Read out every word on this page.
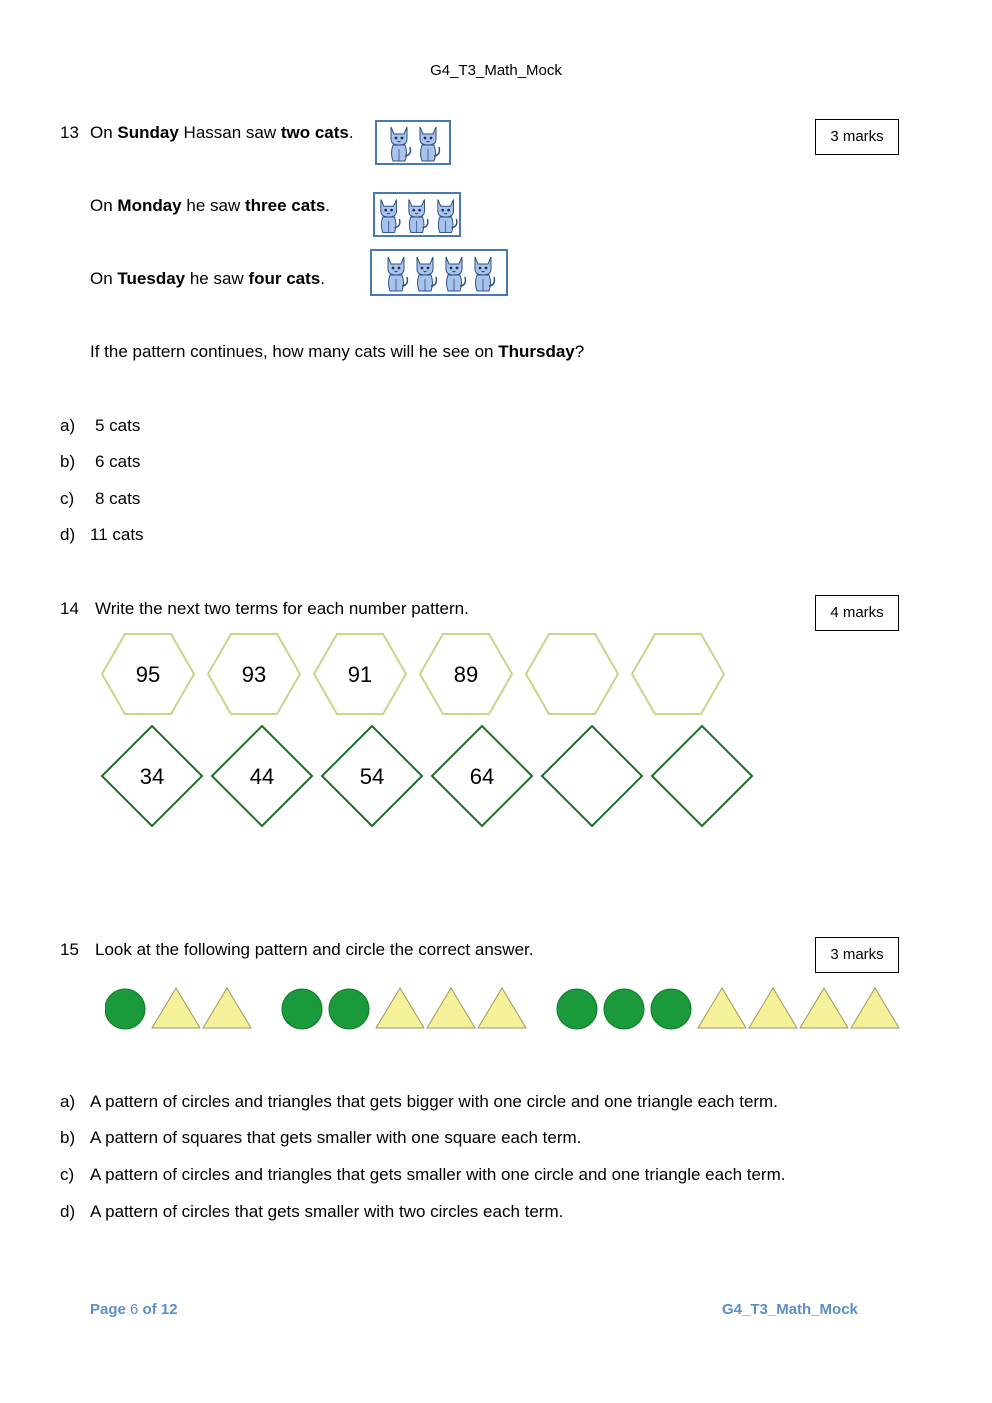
G4_T3_Math_Mock
13 On Sunday Hassan saw two cats.
On Monday he saw three cats.
On Tuesday he saw four cats.
3 marks
If the pattern continues, how many cats will he see on Thursday?
a) 5 cats
b) 6 cats
c) 8 cats
d) 11 cats
14 Write the next two terms for each number pattern.	4 marks
95	93	91	89
34	44	54	64
15 Look at the following pattern and circle the correct answer.	3 marks
a) A pattern of circles and triangles that gets bigger with one circle and one triangle each term.
b) A pattern of squares that gets smaller with one square each term.
c) A pattern of circles and triangles that gets smaller with one circle and one triangle each term.
d) A pattern of circles that gets smaller with two circles each term.
Page 6 of 12	G4_T3_Math_Mock
